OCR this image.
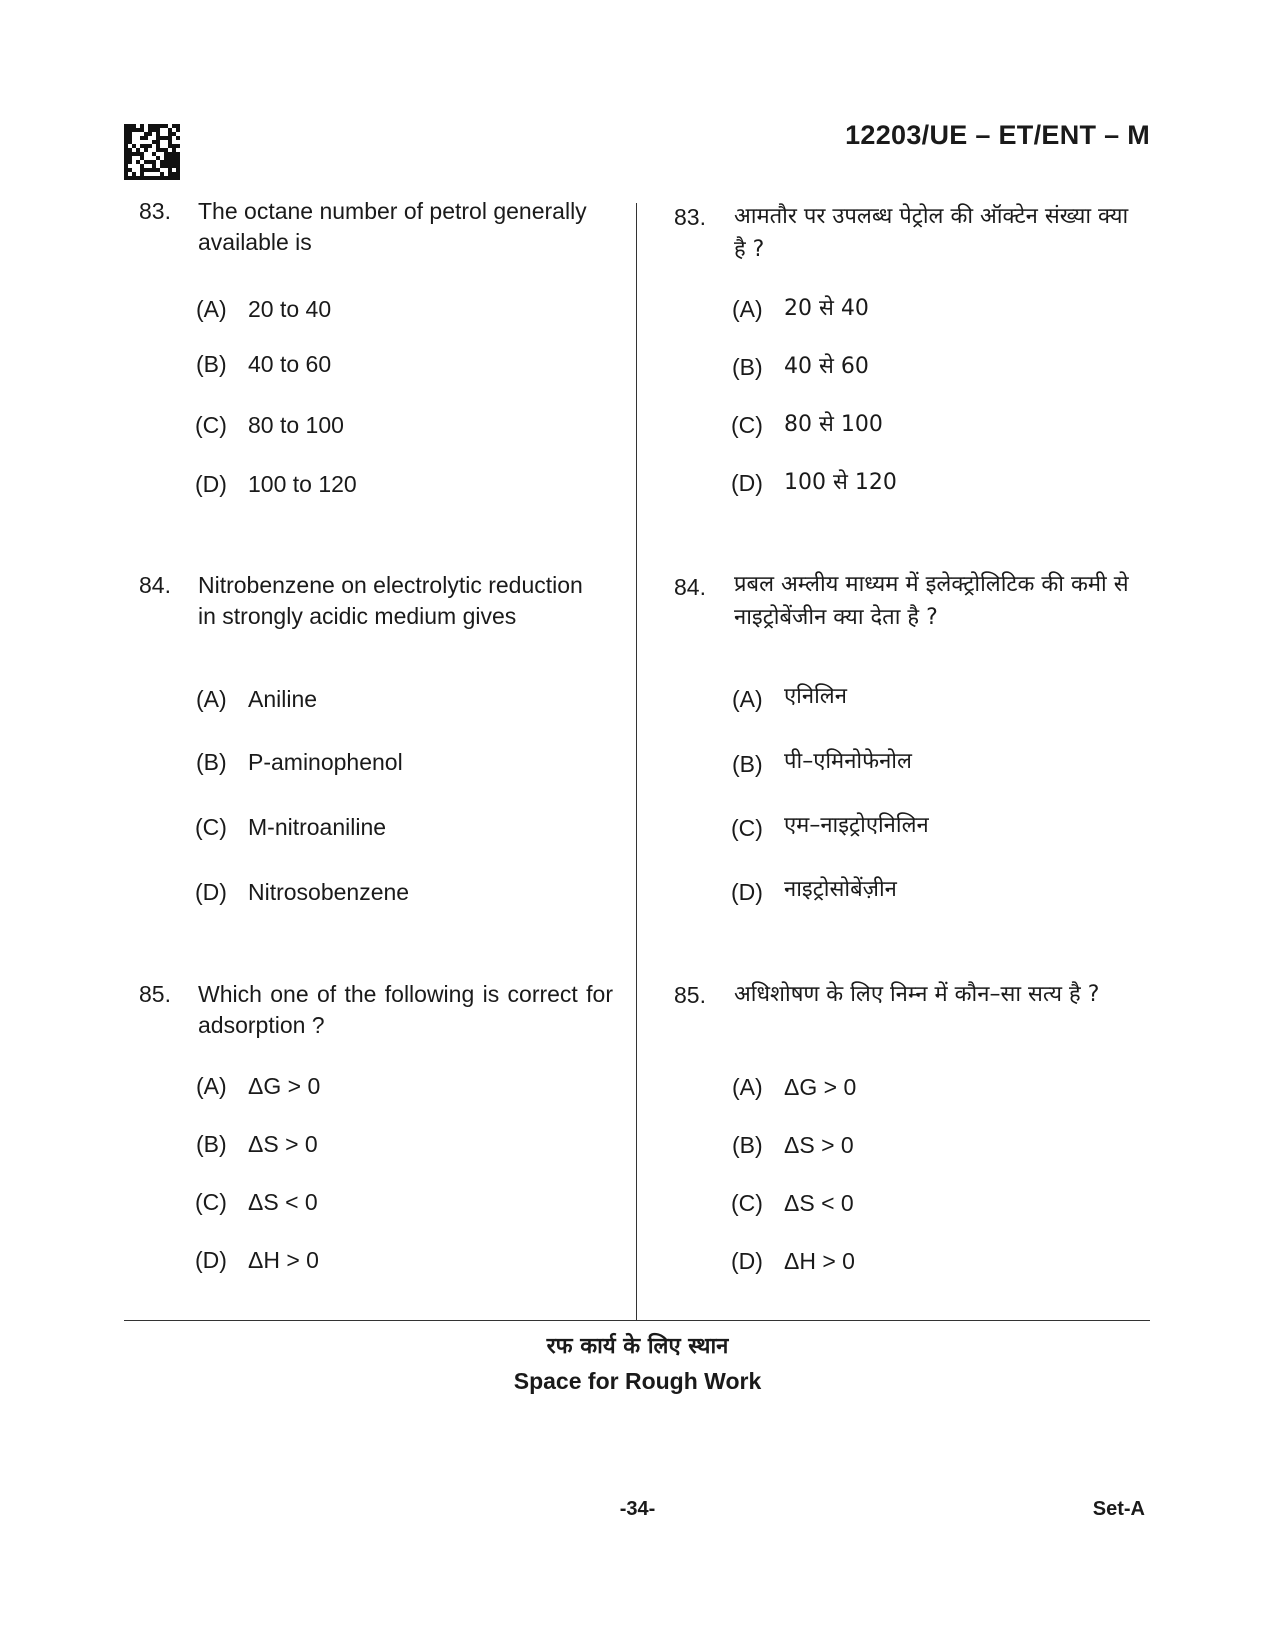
12203/UE – ET/ENT – M
83. The octane number of petrol generally available is
(A) 20 to 40
(B) 40 to 60
(C) 80 to 100
(D) 100 to 120
84. Nitrobenzene on electrolytic reduction in strongly acidic medium gives
(A) Aniline
(B) P-aminophenol
(C) M-nitroaniline
(D) Nitrosobenzene
85. Which one of the following is correct for adsorption ?
(A) ΔG > 0
(B) ΔS > 0
(C) ΔS < 0
(D) ΔH > 0
83. आमतौर पर उपलब्ध पेट्रोल की ऑक्टेन संख्या क्या है ?
(A) 20 से 40
(B) 40 से 60
(C) 80 से 100
(D) 100 से 120
84. प्रबल अम्लीय माध्यम में इलेक्ट्रोलिटिक की कमी से नाइट्रोबेंजीन क्या देता है ?
(A) एनिलिन
(B) पी–एमिनोफेनोल
(C) एम–नाइट्रोएनिलिन
(D) नाइट्रोसोबेंज़ीन
85. अधिशोषण के लिए निम्न में कौन–सा सत्य है ?
(A) ΔG > 0
(B) ΔS > 0
(C) ΔS < 0
(D) ΔH > 0
रफ कार्य के लिए स्थान
Space for Rough Work
-34-	Set-A
